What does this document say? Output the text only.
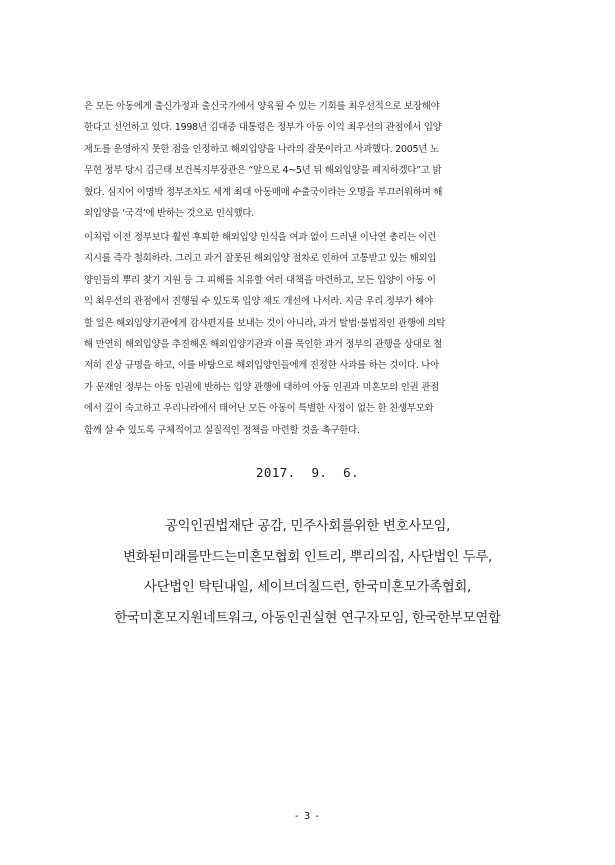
은 모든 아동에게 출신가정과 출신국가에서 양육될 수 있는 기회를 최우선적으로 보장해야
한다고 선언하고 있다. 1998년 김대중 대통령은 정부가 아동 이익 최우선의 관점에서 입양
제도를 운영하지 못한 점을 인정하고 해외입양을 나라의 잘못이라고 사과했다. 2005년 노
무현 정부 당시 김근태 보건복지부장관은 “앞으로 4~5년 뒤 해외입양을 폐지하겠다”고 밝
혔다. 심지어 이명박 정부조차도 세계 최대 아동매매 수출국이라는 오명을 부끄러워하며 해
외입양을 ‘국격’에 반하는 것으로 인식했다.
이처럼 이전 정부보다 훨씬 후퇴한 해외입양 인식을 여과 없이 드러낸 이낙연 총리는 이런
지시를 즉각 철회하라. 그리고 과거 잘못된 해외입양 절차로 인하여 고통받고 있는 해외입
양인들의 뿌리 찾기 지원 등 그 피해를 치유할 여러 대책을 마련하고, 모든 입양이 아동 이
익 최우선의 관점에서 진행될 수 있도록 입양 제도 개선에 나서라. 지금 우리 정부가 해야
할 일은 해외입양기관에게 감사편지를 보내는 것이 아니라, 과거 탈법·불법적인 관행에 의탁
해 만연히 해외입양을 추진해온 해외입양기관과 이를 묵인한 과거 정부의 관행을 상대로 철
저히 진상 규명을 하고, 이를 바탕으로 해외입양인들에게 진정한 사과를 하는 것이다. 나아
가 문재인 정부는 아동 인권에 반하는 입양 관행에 대하여 아동 인권과 미혼모의 인권 관점
에서 깊이 숙고하고 우리나라에서 태어난 모든 아동이 특별한 사정이 없는 한 친생부모와
함께 살 수 있도록 구체적이고 실질적인 정책을 마련할 것을 촉구한다.
2017.  9.  6.
공익인권법재단 공감, 민주사회를위한 변호사모임,
변화된미래를만드는미혼모협회 인트리, 뿌리의집, 사단법인 두루,
사단법인 탁틴내일, 세이브더칠드런, 한국미혼모가족협회,
한국미혼모지원네트워크, 아동인권실현 연구자모임, 한국한부모연합
- 3 -
